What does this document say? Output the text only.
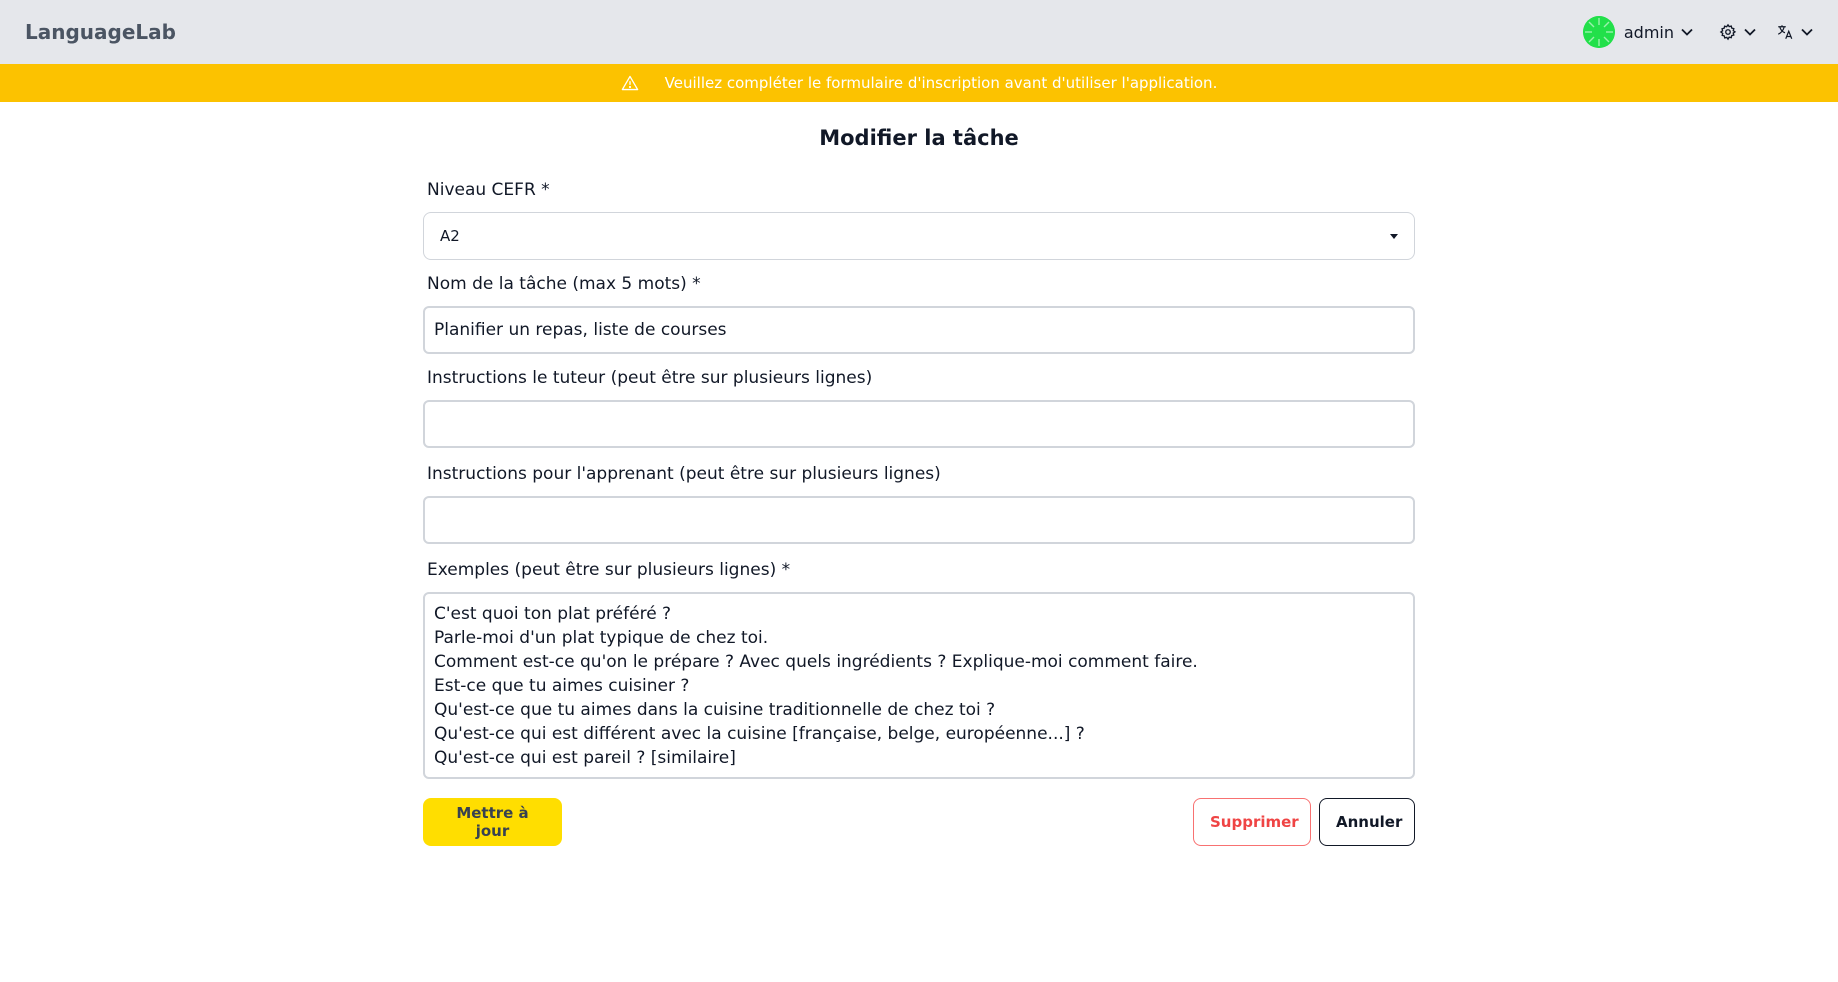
LanguageLab	admin
Veuillez compléter le formulaire d'inscription avant d'utiliser l'application.
Modifier la tâche
Niveau CEFR *
A2
Nom de la tâche (max 5 mots) *
Planifier un repas, liste de courses
Instructions le tuteur (peut être sur plusieurs lignes)
Instructions pour l'apprenant (peut être sur plusieurs lignes)
Exemples (peut être sur plusieurs lignes) *
C'est quoi ton plat préféré ?
Parle-moi d'un plat typique de chez toi.
Comment est-ce qu'on le prépare ? Avec quels ingrédients ? Explique-moi comment faire.
Est-ce que tu aimes cuisiner ?
Qu'est-ce que tu aimes dans la cuisine traditionnelle de chez toi ?
Qu'est-ce qui est différent avec la cuisine [française, belge, européenne...] ?
Qu'est-ce qui est pareil ? [similaire]
Mettre à jour	Supprimer	Annuler
